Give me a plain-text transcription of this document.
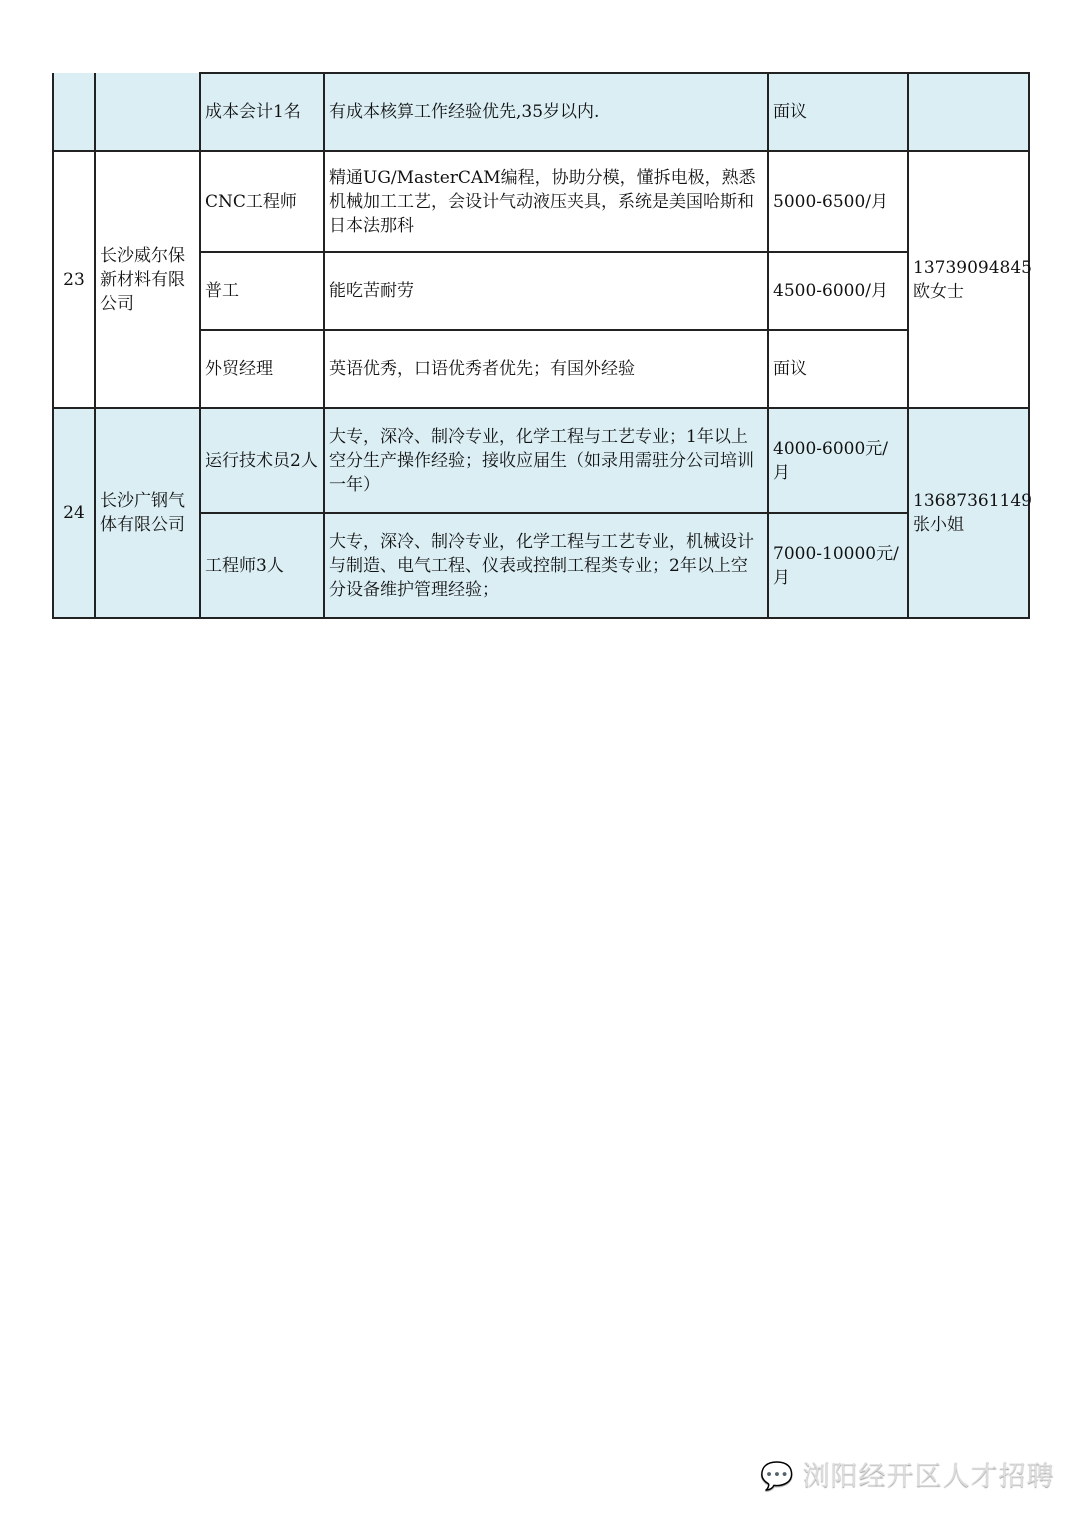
		成本会计1名	有成本核算工作经验优先,35岁以内.	面议	
23	长沙威尔保新材料有限公司	CNC工程师	精通UG/MasterCAM编程，协助分模，懂拆电极，熟悉机械加工工艺，会设计气动液压夹具，系统是美国哈斯和日本法那科	5000-6500/月	13739094845欧女士
		普工	能吃苦耐劳	4500-6000/月	
		外贸经理	英语优秀，口语优秀者优先；有国外经验	面议	
24	长沙广钢气体有限公司	运行技术员2人	大专，深冷、制冷专业，化学工程与工艺专业；1年以上空分生产操作经验；接收应届生（如录用需驻分公司培训一年）	4000-6000元/月	13687361149张小姐
		工程师3人	大专，深冷、制冷专业，化学工程与工艺专业，机械设计与制造、电气工程、仪表或控制工程类专业；2年以上空分设备维护管理经验；	7000-10000元/月	
💬 浏阳经开区人才招聘
